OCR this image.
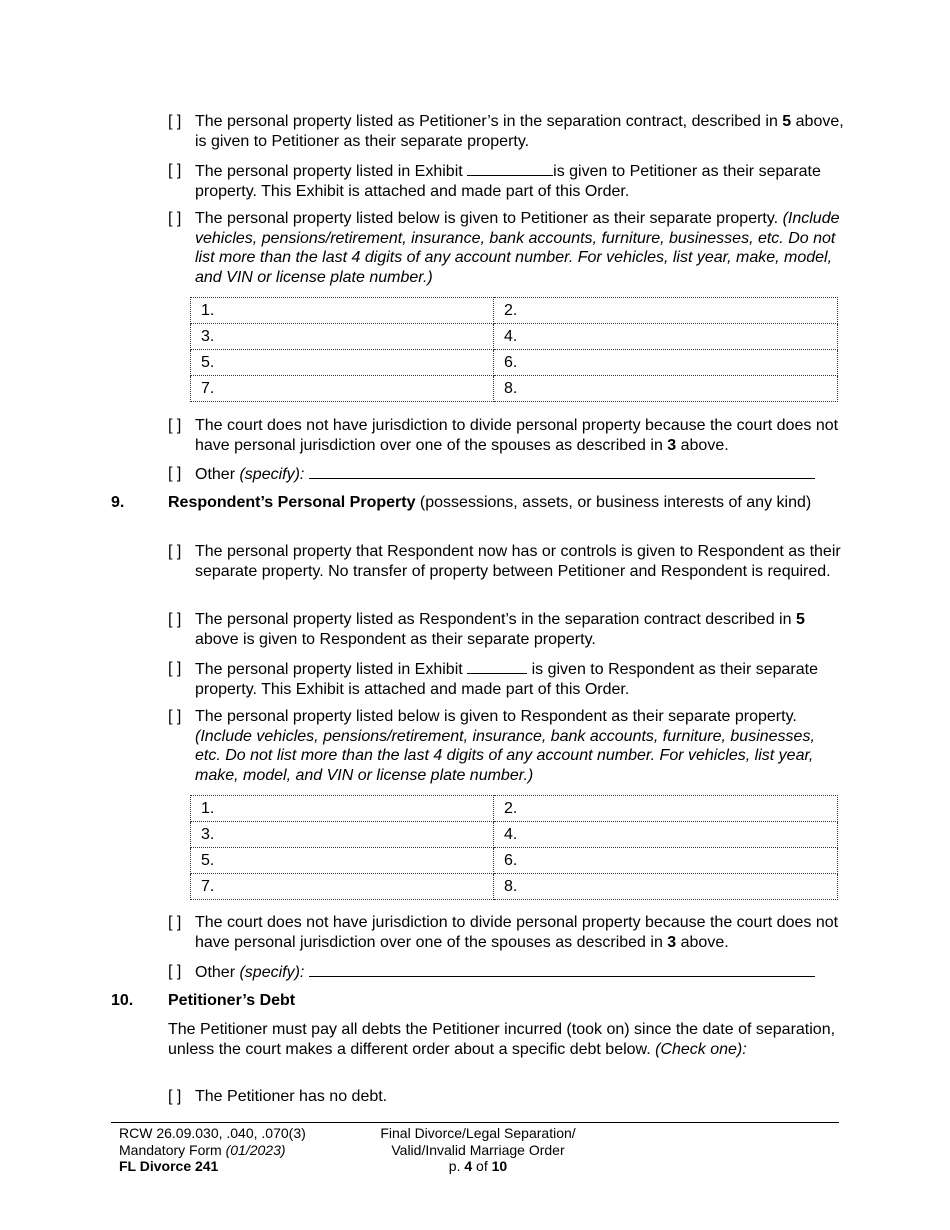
[ ] The personal property listed as Petitioner’s in the separation contract, described in 5 above, is given to Petitioner as their separate property.
[ ] The personal property listed in Exhibit	is given to Petitioner as their separate property. This Exhibit is attached and made part of this Order.
[ ] The personal property listed below is given to Petitioner as their separate property. (Include vehicles, pensions/retirement, insurance, bank accounts, furniture, businesses, etc. Do not list more than the last 4 digits of any account number. For vehicles, list year, make, model, and VIN or license plate number.)
1.	2.
3.	4.
5.	6.
7.	8.
[ ] The court does not have jurisdiction to divide personal property because the court does not have personal jurisdiction over one of the spouses as described in 3 above.
[ ] Other (specify):
9.	Respondent’s Personal Property (possessions, assets, or business interests of any kind)
[ ] The personal property that Respondent now has or controls is given to Respondent as their separate property. No transfer of property between Petitioner and Respondent is required.
[ ] The personal property listed as Respondent’s in the separation contract described in 5 above is given to Respondent as their separate property.
[ ] The personal property listed in Exhibit	is given to Respondent as their separate property. This Exhibit is attached and made part of this Order.
[ ] The personal property listed below is given to Respondent as their separate property. (Include vehicles, pensions/retirement, insurance, bank accounts, furniture, businesses, etc. Do not list more than the last 4 digits of any account number. For vehicles, list year, make, model, and VIN or license plate number.)
1.	2.
3.	4.
5.	6.
7.	8.
[ ] The court does not have jurisdiction to divide personal property because the court does not have personal jurisdiction over one of the spouses as described in 3 above.
[ ] Other (specify):
10. Petitioner’s Debt
The Petitioner must pay all debts the Petitioner incurred (took on) since the date of separation, unless the court makes a different order about a specific debt below. (Check one):
[ ] The Petitioner has no debt.
RCW 26.09.030, .040, .070(3)
Mandatory Form (01/2023)
FL Divorce 241
Final Divorce/Legal Separation/
Valid/Invalid Marriage Order
p. 4 of 10
